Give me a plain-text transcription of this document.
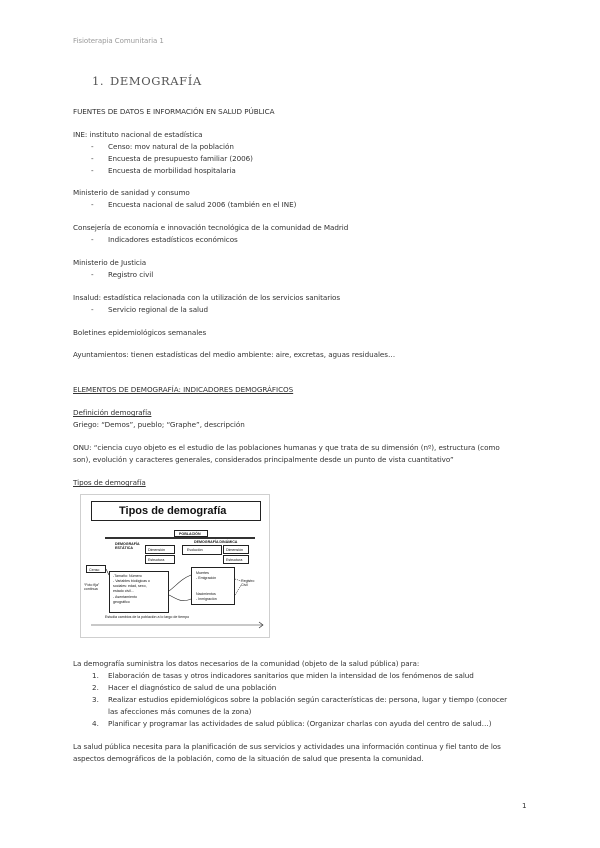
Fisioterapia Comunitaria 1
1. DEMOGRAFÍA
FUENTES DE DATOS E INFORMACIÓN EN SALUD PÚBLICA
INE: instituto nacional de estadística
- Censo: mov natural de la población
- Encuesta de presupuesto familiar (2006)
- Encuesta de morbilidad hospitalaria
Ministerio de sanidad y consumo
- Encuesta nacional de salud 2006 (también en el INE)
Consejería de economía e innovación tecnológica de la comunidad de Madrid
- Indicadores estadísticos económicos
Ministerio de Justicia
- Registro civil
Insalud: estadística relacionada con la utilización de los servicios sanitarios
- Servicio regional de la salud
Boletines epidemiológicos semanales
Ayuntamientos: tienen estadísticas del medio ambiente: aire, excretas, aguas residuales…
ELEMENTOS DE DEMOGRAFÍA: INDICADORES DEMOGRÁFICOS
Definición demografía
Griego: “Demos”, pueblo; “Graphe”, descripción
ONU: “ciencia cuyo objeto es el estudio de las poblaciones humanas y que trata de su dimensión (nº), estructura (como
son), evolución y caracteres generales, considerados principalmente desde un punto de vista cuantitativo”
Tipos de demografía
Tipos de demografía
POBLACIÓN
DEMOGRAFÍA ESTÁTICA	Dimensión
Estructura
DEMOGRAFÍA DINÁMICA
Evolución	Dimensión
Estructura
Censo
“Foto fija” continua
-Tamaño: Número
- Variables biológicas o
sociales: edad, sexo,
estado civil…
- Asentamiento
geográfico
Muertes
- Emigración
Nacimientos
- Inmigración
Registro Civil
Estudia cambios de la población a lo largo de tiempo
La demografía suministra los datos necesarios de la comunidad (objeto de la salud pública) para:
1. Elaboración de tasas y otros indicadores sanitarios que miden la intensidad de los fenómenos de salud
2. Hacer el diagnóstico de salud de una población
3. Realizar estudios epidemiológicos sobre la población según características de: persona, lugar y tiempo (conocer
las afecciones más comunes de la zona)
4. Planificar y programar las actividades de salud pública: (Organizar charlas con ayuda del centro de salud…)
La salud pública necesita para la planificación de sus servicios y actividades una información continua y fiel tanto de los
aspectos demográficos de la población, como de la situación de salud que presenta la comunidad.
1
